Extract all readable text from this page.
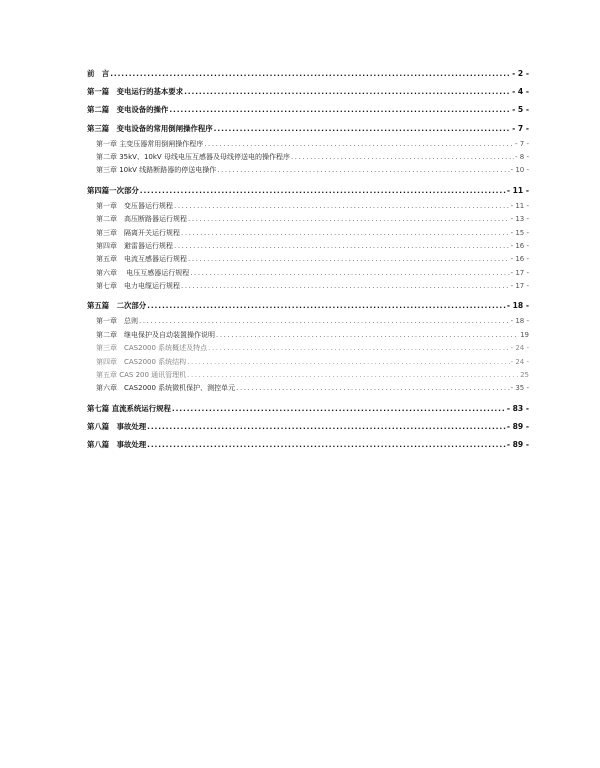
前　言 .....	- 2 -
第一篇　变电运行的基本要求 .....	- 4 -
第二篇　变电设备的操作 .....	- 5 -
第三篇　变电设备的常用倒闸操作程序 .....	- 7 -
第一章 主变压器常用倒闸操作程序 .....	- 7 -
第二章 35kV、10kV 母线电压互感器及母线停送电的操作程序 .....	- 8 -
第三章 10kV 线路断路器的停送电操作 .....	- 10 -
第四篇一次部分 .....	- 11 -
第一章　变压器运行规程 .....	- 11 -
第二章　高压断路器运行规程 .....	- 13 -
第三章　隔离开关运行规程 .....	- 15 -
第四章　避雷器运行规程 .....	- 16 -
第五章　电流互感器运行规程 .....	- 16 -
第六章　 电压互感器运行规程 .....	- 17 -
第七章　电力电缆运行规程 .....	- 17 -
第五篇　二次部分 .....	- 18 -
第一章　总则 .....	- 18 -
第二章　继电保护及自动装置操作说明 .....	19
第三章　CAS2000 系统概述及特点 .....	- 24 -
第四章　CAS2000 系统结构 .....	- 24 -
第五章 CAS 200 通讯管理机 .....	25
第六章　CAS2000 系统微机保护、测控单元 .....	- 35 -
第七篇 直流系统运行规程 .....	- 83 -
第八篇　事故处理 .....	- 89 -
第八篇　事故处理 .....	- 89 -
